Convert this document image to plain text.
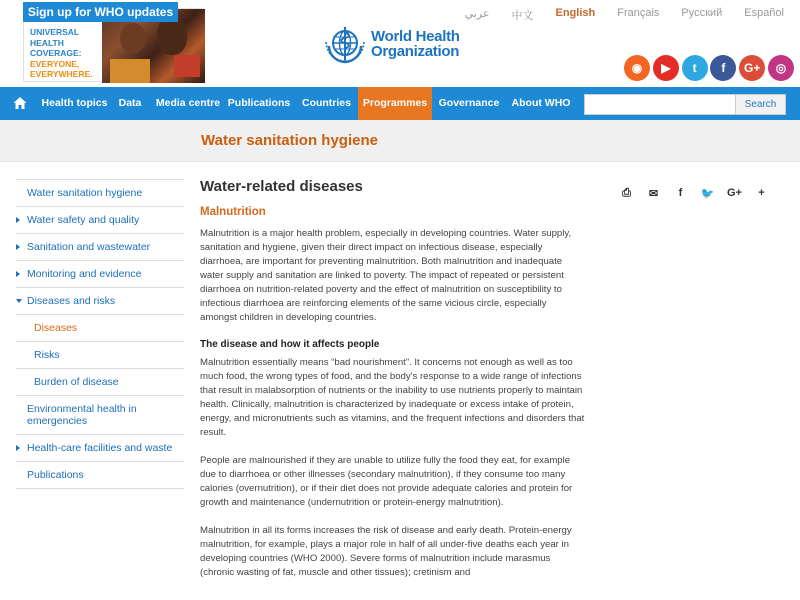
UNIVERSAL
HEALTH
COVERAGE:
EVERYONE,
EVERYWHERE.
Sign up for WHO updates	عربي 中文 English Français Русский Español
World Health
Organization
◉	▶	t	f	G+	◎
Health topics	Data	Media centre Publications	Countries	Programmes	Governance	About WHO	Search
Water sanitation hygiene
Water sanitation hygiene
Water safety and quality
Sanitation and wastewater
Monitoring and evidence
Diseases and risks
Diseases
Risks
Burden of disease
Environmental health in emergencies
Health-care facilities and waste
Publications
Water-related diseases
Malnutrition
Malnutrition is a major health problem, especially in developing countries. Water supply, sanitation and hygiene, given their direct impact on infectious disease, especially diarrhoea, are important for preventing malnutrition. Both malnutrition and inadequate water supply and sanitation are linked to poverty. The impact of repeated or persistent diarrhoea on nutrition-related poverty and the effect of malnutrition on susceptibility to infectious diarrhoea are reinforcing elements of the same vicious circle, especially amongst children in developing countries.
The disease and how it affects people
Malnutrition essentially means “bad nourishment”. It concerns not enough as well as too much food, the wrong types of food, and the body's response to a wide range of infections that result in malabsorption of nutrients or the inability to use nutrients properly to maintain health. Clinically, malnutrition is characterized by inadequate or excess intake of protein, energy, and micronutrients such as vitamins, and the frequent infections and disorders that result.
People are malnourished if they are unable to utilize fully the food they eat, for example due to diarrhoea or other illnesses (secondary malnutrition), if they consume too many calories (overnutrition), or if their diet does not provide adequate calories and protein for growth and maintenance (undernutrition or protein-energy malnutrition).
Malnutrition in all its forms increases the risk of disease and early death. Protein-energy malnutrition, for example, plays a major role in half of all under-five deaths each year in developing countries (WHO 2000). Severe forms of malnutrition include marasmus (chronic wasting of fat, muscle and other tissues); cretinism and
⎙	✉	f	🐦	G+	+
